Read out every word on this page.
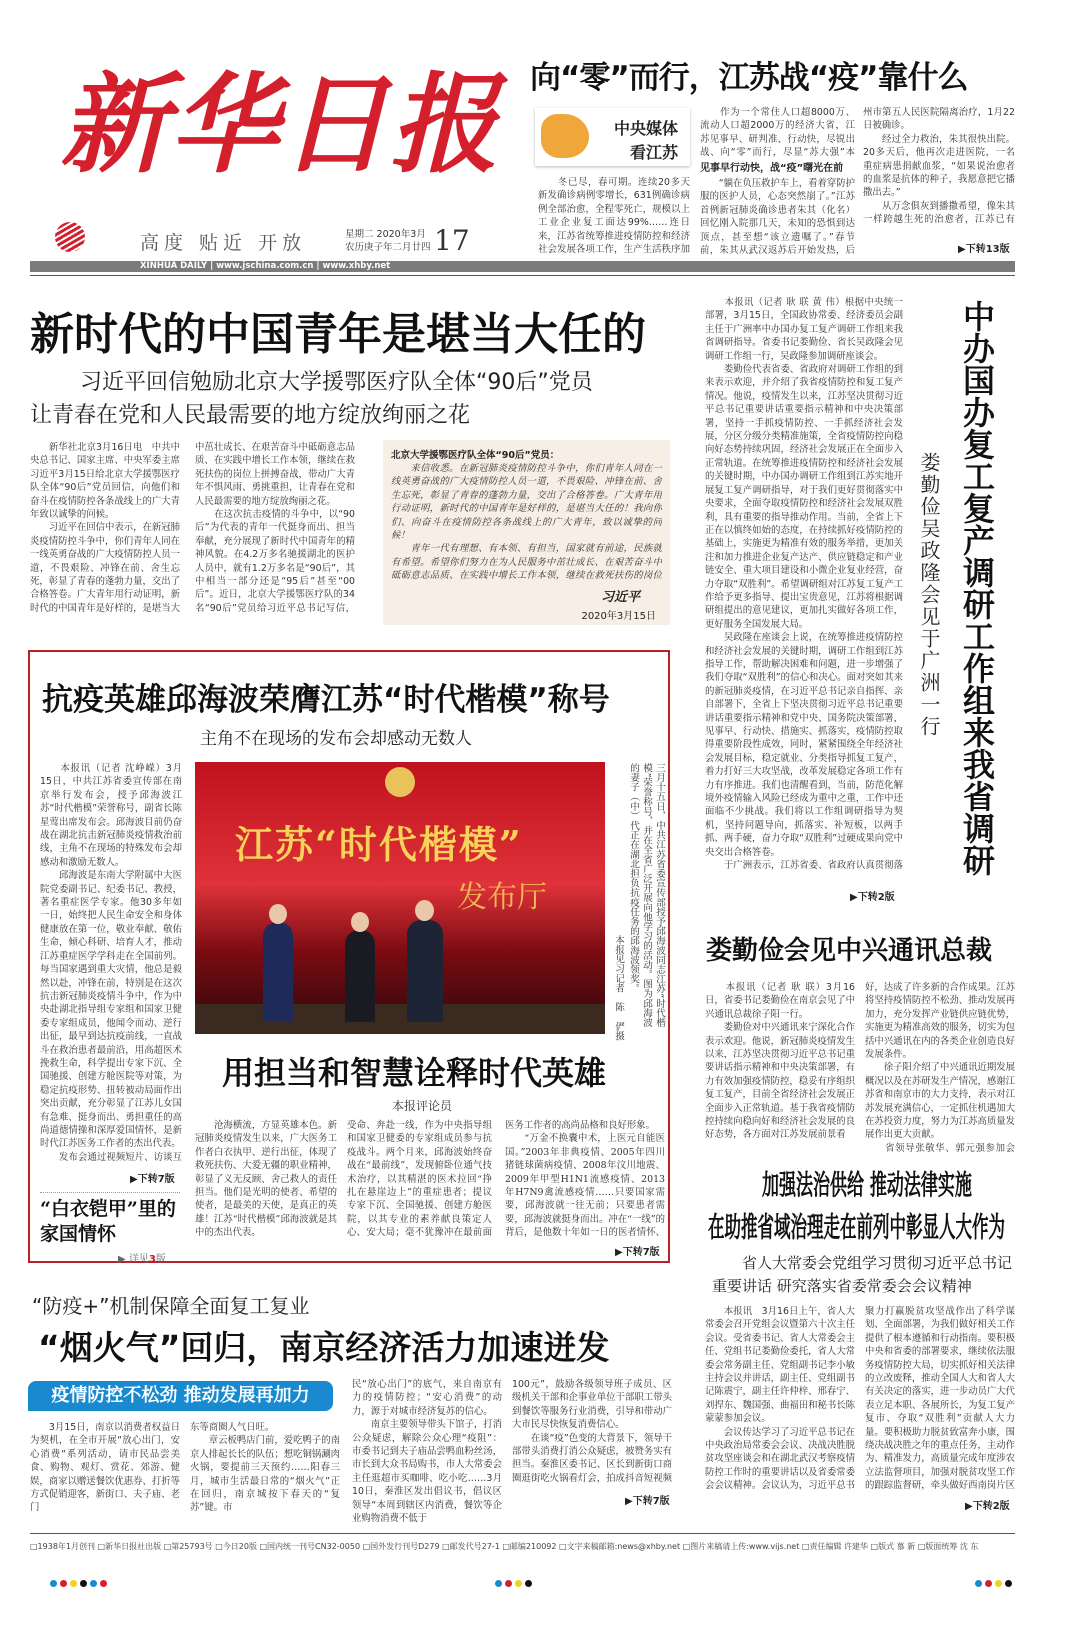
新华日报
高度 贴近 开放	星期二 2020年3月
农历庚子年二月廿四 17
向“零”而行，江苏战“疫”靠什么
中央媒体
看江苏
　　冬已尽，春可期。连续20多天新发确诊病例零增长，631例确诊病例全部治愈，全程零死亡，规模以上工业企业复工面达99%……连日来，江苏省统筹推进疫情防控和经济社会发展各项工作，生产生活秩序加
　　作为一个常住人口超8000万、流动人口超2000万的经济大省，江苏见事早、研判准、行动快，尽锐出战、向“零”而行，尽显“苏大强”本
见事早行动快，战“疫”曙光在前
　　“躺在负压救护车上，看着穿防护服的医护人员，心态突然崩了。”江苏首例新冠肺炎确诊患者朱其（化名）回忆刚入院那几天，未知的恐惧到达顶点，甚至想“该立遗嘱了。”春节前，朱其从武汉返苏后开始发热，后
州市第五人民医院隔离治疗，1月22日被确诊。
　　经过全力救治，朱其很快出院。20多天后，他再次走进医院，一名重症病患捐献血浆，“如果说治愈者的血浆是抗体的种子，我愿意把它播撒出去。”
　　从万念俱灰到播撒希望，像朱其一样跨越生死的治愈者，江苏已有
▶下转13版
XINHUA DAILY | www.jschina.com.cn | www.xhby.net
新时代的中国青年是堪当大任的
习近平回信勉励北京大学援鄂医疗队全体“90后”党员
让青春在党和人民最需要的地方绽放绚丽之花
　　新华社北京3月16日电　中共中央总书记、国家主席、中央军委主席习近平3月15日给北京大学援鄂医疗队全体“90后”党员回信，向他们和奋斗在疫情防控各条战线上的广大青年致以诚挚的问候。
　　习近平在回信中表示，在新冠肺炎疫情防控斗争中，你们青年人同在一线英勇奋战的广大疫情防控人员一道，不畏艰险、冲锋在前、舍生忘死，彰显了青春的蓬勃力量，交出了合格答卷。广大青年用行动证明，新时代的中国青年是好样的，是堪当大

中茁壮成长、在艰苦奋斗中砥砺意志品质、在实践中增长工作本领，继续在救死扶伤的岗位上拼搏奋战，带动广大青年不惧风雨、勇挑重担，让青春在党和人民最需要的地方绽放绚丽之花。
　　在这次抗击疫情的斗争中，以“90后”为代表的青年一代挺身而出、担当奉献，充分展现了新时代中国青年的精神风貌。在4.2万多名驰援湖北的医护人员中，就有1.2万多名是“90后”，其中相当一部分还是“95后”甚至“00后”。近日，北京大学援鄂医疗队的34名“90后”党员给习近平总书记写信，
北京大学援鄂医疗队全体“90后”党员：
　　来信收悉。在新冠肺炎疫情防控斗争中，你们青年人同在一线英勇奋战的广大疫情防控人员一道，不畏艰险、冲锋在前、舍生忘死，彰显了青春的蓬勃力量，交出了合格答卷。广大青年用行动证明，新时代的中国青年是好样的，是堪当大任的！我向你们、向奋斗在疫情防控各条战线上的广大青年，致以诚挚的问候！
　　青年一代有理想、有本领、有担当，国家就有前途，民族就有希望。希望你们努力在为人民服务中茁壮成长、在艰苦奋斗中砥砺意志品质、在实践中增长工作本领，继续在救死扶伤的岗位
习近平
2020年3月15日
　　本报讯（记者 耿 联 黄 伟）根据中央统一部署，3月15日，全国政协常委、经济委员会副主任于广洲率中办国办复工复产调研工作组来我省调研指导。省委书记娄勤俭、省长吴政隆会见调研工作组一行，吴政隆参加调研座谈会。
　　娄勤俭代表省委、省政府对调研工作组的到来表示欢迎，并介绍了我省疫情防控和复工复产情况。他说，疫情发生以来，江苏坚决贯彻习近平总书记重要讲话重要指示精神和中央决策部署，坚持一手抓疫情防控、一手抓经济社会发展，分区分级分类精准施策，全省疫情防控向稳向好态势持续巩固，经济社会发展正在全面步入正常轨道。在统筹推进疫情防控和经济社会发展的关键时期，中办国办调研工作组到江苏实地开展复工复产调研指导，对于我们更好贯彻落实中央要求，全面夺取疫情防控和经济社会发展双胜利，具有重要的指导推动作用。当前，全省上下正在以慎终如始的态度，在持续抓好疫情防控的基础上，实施更为精准有效的服务举措，更加关注和加力推进企业复产达产、供应链稳定和产业链安全、重大项目建设和小微企业复业经营，奋力夺取“双胜利”。希望调研组对江苏复工复产工作给予更多指导、提出宝贵意见，江苏将根据调研组提出的意见建议，更加扎实做好各项工作，更好服务全国发展大局。
　　吴政隆在座谈会上说，在统筹推进疫情防控和经济社会发展的关键时期，调研工作组到江苏指导工作，帮助解决困难和问题，进一步增强了我们夺取“双胜利”的信心和决心。面对突如其来的新冠肺炎疫情，在习近平总书记亲自指挥、亲自部署下，全省上下坚决贯彻习近平总书记重要讲话重要指示精神和党中央、国务院决策部署，见事早、行动快、措施实、抓落实，疫情防控取得重要阶段性成效，同时，紧紧围绕全年经济社会发展目标，稳定就业、分类指导抓复工复产，着力打好三大攻坚战，改革发展稳定各项工作有力有序推进。我们也清醒看到，当前，防范化解境外疫情输入风险已经成为重中之重，工作中还面临不少挑战。我们将以工作组调研指导为契机，坚持问题导向，抓落实、补短板，以两手抓、两手硬，奋力夺取“双胜利”过硬成果向党中央交出合格答卷。
　　于广洲表示，江苏省委、省政府认真贯彻落
▶下转2版
娄勤俭吴政隆会见于广洲一行 中办国办复工复产调研工作组来我省调研
抗疫英雄邱海波荣膺江苏“时代楷模”称号
主角不在现场的发布会却感动无数人
　　本报讯（记者 沈峥嵘）3月15日，中共江苏省委宣传部在南京举行发布会，授予邱海波江苏“时代楷模”荣誉称号，副省长陈星莺出席发布会。邱海波目前仍奋战在湖北抗击新冠肺炎疫情救治前线，主角不在现场的特殊发布会却感动和激励无数人。
　　邱海波是东南大学附属中大医院党委副书记、纪委书记、教授，著名重症医学专家。他30多年如一日，始终把人民生命安全和身体健康放在第一位，敬业奉献、敬佑生命，倾心科研、培育人才，推动江苏重症医学学科走在全国前列。每当国家遇到重大灾情，他总是毅然以赴，冲锋在前，特别是在这次抗击新冠肺炎疫情斗争中，作为中央赴湖北指导组专家组和国家卫健委专家组成员，他闻令而动、逆行出征，最早到达抗疫前线，一直战斗在救治患者最前沿，用高超医术挽救生命，科学提出专家下沉、全国驰援、创建方舱医院等对策，为稳定抗疫形势、扭转被动局面作出突出贡献，充分彰显了江苏儿女国有急难、挺身而出、勇担重任的高尚道德情操和深厚爱国情怀，是新时代江苏医务工作者的杰出代表。
　　发布会通过视频短片、访谈互
▶下转7版
江苏“时代楷模”
发布厅	三月十五日，中共江苏省委宣传部授予邱海波同志江苏“时代楷模”荣誉称号，并在全省广泛开展向他学习的活动。图为邱海波的妻子（中）代正在湖北担负抗疫任务的邱海波领奖。
本报见习记者　陈　俨摄
“白衣铠甲”里的家国情怀
▶ 详见3版
用担当和智慧诠释时代英雄
本报评论员
　　沧海横流，方显英雄本色。新冠肺炎疫情发生以来，广大医务工作者白衣执甲、逆行出征，体现了救死扶伤、大爱无疆的职业精神，彰显了义无反顾、舍己救人的责任担当。他们是光明的使者、希望的使者，是最美的天使，是真正的英雄！江苏“时代楷模”邱海波就是其中的杰出代表。

受命、奔赴一线，作为中央指导组和国家卫健委的专家组成员参与抗疫战斗。两个月来，邱海波始终奋战在“最前线”，发现俯卧位通气技术治疗，以其精湛的医术拉回“挣扎在悬崖边上”的重症患者；提议专家下沉、全国驰援、创建方舱医院，以其专业的素养献良策定人心、安大局；毫不犹豫冲在最前面
医务工作者的高尚品格和良好形象。
　　“万金不换囊中术，上医元自能医国。”2003年非典疫情、2005年四川猪链球菌病疫情、2008年汶川地震、2009年甲型H1N1流感疫情、2013年H7N9禽流感疫情……只要国家需要，邱海波就一往无前；只要患者需要，邱海波就挺身而出。冲在“一线”的背后，是他数十年如一日的医者情怀、
▶下转7版
娄勤俭会见中兴通讯总裁
　　本报讯（记者 耿 联）3月16日，省委书记娄勤俭在南京会见了中兴通讯总裁徐子阳一行。
　　娄勤俭对中兴通讯来宁深化合作表示欢迎。他说，新冠肺炎疫情发生以来，江苏坚决贯彻习近平总书记重要讲话指示精神和中央决策部署，有力有效加强疫情防控，稳妥有序组织复工复产，目前全省经济社会发展正全面步入正常轨道。基于我省疫情防控持续向稳向好和经济社会发展的良好态势，各方面对江苏发展前景看
好，达成了许多新的合作成果。江苏将坚持疫情防控不松劲、推动发展再加力，充分发挥产业链供应链优势，实施更为精准高效的服务，切实为包括中兴通讯在内的各类企业创造良好发展条件。
　　徐子阳介绍了中兴通讯近期发展概况以及在苏研发生产情况，感谢江苏省和南京市的大力支持，表示对江苏发展充满信心，一定抓住机遇加大在苏投资力度，努力为江苏高质量发展作出更大贡献。
　　省领导张敬华、郭元强参加会
加强法治供给 推动法律实施
在助推省域治理走在前列中彰显人大作为
省人大常委会党组学习贯彻习近平总书记
重要讲话 研究落实省委常委会会议精神
　　本报讯　3月16日上午，省人大常委会召开党组会议暨第六十次主任会议。受省委书记、省人大常委会主任、党组书记娄勤俭委托，省人大常委会常务副主任、党组副书记李小敏主持会议并讲话，副主任、党组副书记陈震宁，副主任许仲梓、邢春宁、刘捍东、魏国强、曲福田和秘书长陈蒙蒙参加会议。
　　会议传达学习了习近平总书记在中央政治局常委会会议、决战决胜脱贫攻坚座谈会和在湖北武汉考察疫情防控工作时的重要讲话以及省委常委会会议精神。会议认为，习近平总书
聚力打赢脱贫攻坚战作出了科学谋划、全面部署，为我们做好相关工作提供了根本遵循和行动指南。要积极中央和省委的部署要求，继续依法服务疫情防控大局，切实抓好相关法律的立改废释，推动全国人大和省人大有关决定的落实，进一步动员广大代表立足本职、各展所长，为复工复产复市、夺取“双胜利”贡献人大力量。要积极助力脱贫致富奔小康，围绕决战决胜之年的重点任务，主动作为、精准发力，高质量完成年度涉农立法监督项目，加强对脱贫攻坚工作的跟踪监督研，牵头做好西南岗片区
▶下转2版
“防疫+”机制保障全面复工复业
“烟火气”回归，南京经济活力加速迸发
疫情防控不松劲 推动发展再加力
　　3月15日，南京以消费者权益日为契机，在全市开展“放心出门，安心消费”系列活动，请市民品尝美食、购物、观灯、赏花、郊游、健娱，商家以赠送餐饮优惠券、打折等方式促销迎客，新街口、夫子庙、老门
东等商圈人气日旺。
　　章云板鸭店门前，爱吃鸭子的南京人排起长长的队伍；想吃铜锅涮肉火锅，要提前三天预约……阳春三月，城市生活最日常的“烟火气”正在回归，南京城按下春天的“复苏”键。市
民“放心出门”的底气，来自南京有力的疫情防控；“安心消费”的动力，源于对城市经济复苏的信心。
　　南京主要领导带头下馆子，打消公众疑虑，解除公众心理“疫阻”：市委书记到夫子庙品尝鸭血粉丝汤，市长到大众书局购书，市人大常委会主任逛超市买咖啡、吃小吃……3月10日，秦淮区发出倡议书，倡议区领导“本周到辖区内消费，餐饮等企业购物消费不低于
100元”，鼓励各级领导班子成员、区级机关干部和企事业单位干部职工带头到餐饮等服务行业消费，引导和带动广大市民尽快恢复消费信心。
　　在谈“疫”色变的大背景下，领导干部带头消费打消公众疑虑，被赞务实有担当。秦淮区委书记、区长到新街口商圈逛街吃火锅看灯会，拍成抖音短视频
▶下转7版
□1938年1月创刊 □新华日报社出版 □第25793号 □今日20版 □国内统一刊号CN32-0050 □国外发行刊号D279 □邮发代号27-1 □邮编210092 □文字来稿邮箱:news@xhby.net □图片来稿请上传:www.vijs.net □责任编辑 许建华 □版式 慕 新 □版面统筹 沈 东
